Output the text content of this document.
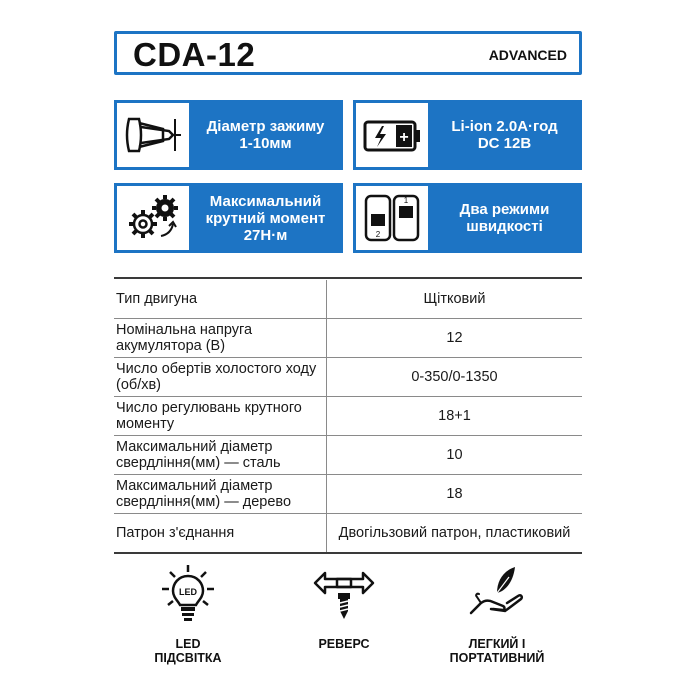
CDA-12	ADVANCED
Діаметр зажиму
1-10мм	+
Li-ion 2.0A·год
DC 12В
Максимальний
крутний момент
27Н·м	2
1
Два режими
швидкості
Тип двигуна	Щітковий
Номінальна напруга акумулятора (В)	12
Число обертів холостого ходу (об/хв)	0-350/0-1350
Число регулювань крутного моменту	18+1
Максимальний діаметр свердління(мм) — сталь	10
Максимальний діаметр свердління(мм) — дерево	18
Патрон з'єднання	Двогільзовий патрон, пластиковий
LED
LED
ПІДСВІТКА
РЕВЕРС	ЛЕГКИЙ І
ПОРТАТИВНИЙ
